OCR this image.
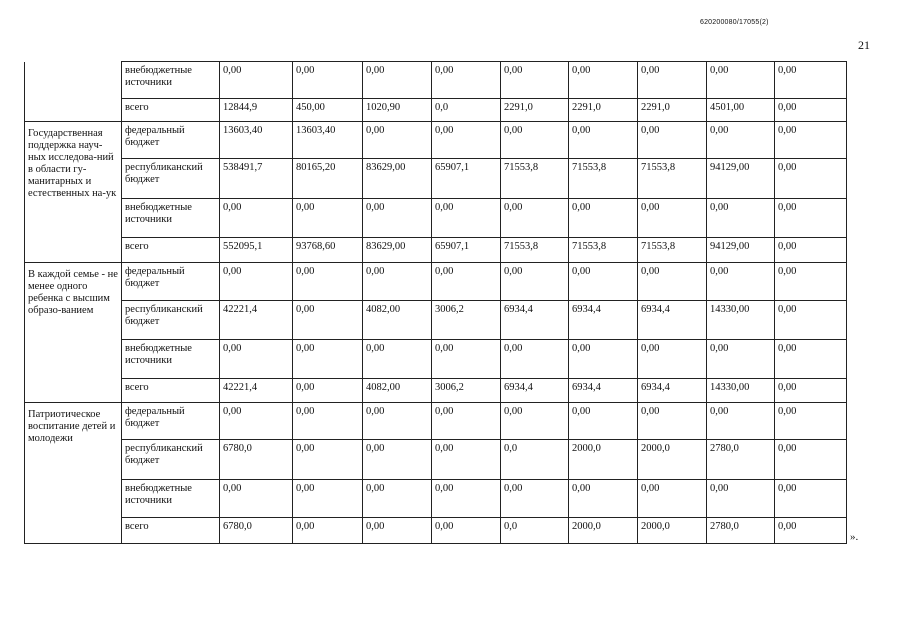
620200080/17055(2)
21
	внебюджетные источники	0,00	0,00	0,00	0,00	0,00	0,00	0,00	0,00	0,00
	всего	12844,9	450,00	1020,90	0,0	2291,0	2291,0	2291,0	4501,00	0,00
Государственная поддержка науч-ных исследова-ний в области гу-манитарных и естественных на-ук	федеральный бюджет	13603,40	13603,40	0,00	0,00	0,00	0,00	0,00	0,00	0,00
	республиканский бюджет	538491,7	80165,20	83629,00	65907,1	71553,8	71553,8	71553,8	94129,00	0,00
	внебюджетные источники	0,00	0,00	0,00	0,00	0,00	0,00	0,00	0,00	0,00
	всего	552095,1	93768,60	83629,00	65907,1	71553,8	71553,8	71553,8	94129,00	0,00
В каждой семье - не менее одного ребенка с высшим образо-ванием	федеральный бюджет	0,00	0,00	0,00	0,00	0,00	0,00	0,00	0,00	0,00
	республиканский бюджет	42221,4	0,00	4082,00	3006,2	6934,4	6934,4	6934,4	14330,00	0,00
	внебюджетные источники	0,00	0,00	0,00	0,00	0,00	0,00	0,00	0,00	0,00
	всего	42221,4	0,00	4082,00	3006,2	6934,4	6934,4	6934,4	14330,00	0,00
Патриотическое воспитание детей и молодежи	федеральный бюджет	0,00	0,00	0,00	0,00	0,00	0,00	0,00	0,00	0,00
	республиканский бюджет	6780,0	0,00	0,00	0,00	0,0	2000,0	2000,0	2780,0	0,00
	внебюджетные источники	0,00	0,00	0,00	0,00	0,00	0,00	0,00	0,00	0,00
	всего	6780,0	0,00	0,00	0,00	0,0	2000,0	2000,0	2780,0	0,00
».
